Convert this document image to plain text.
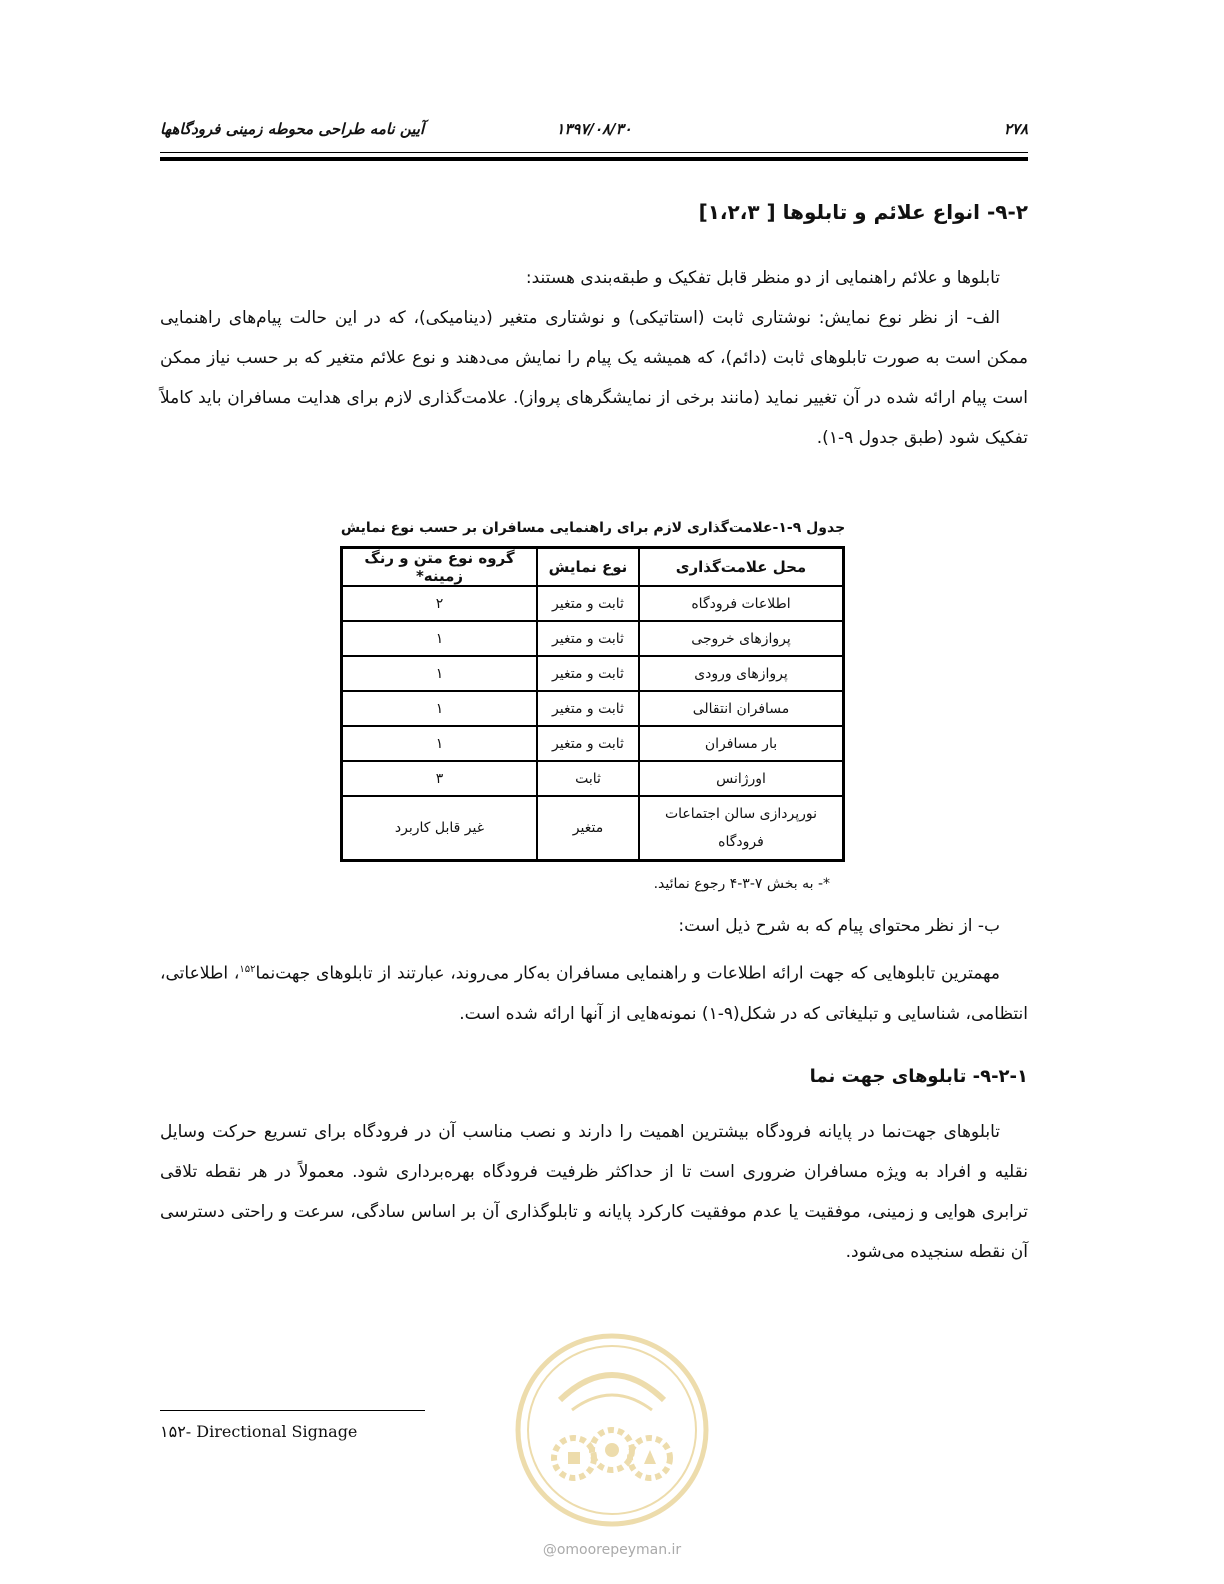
۲۷۸
۱۳۹۷/۰۸/۳۰
آیین نامه طراحی محوطه زمینی فرودگاهها
۹-۲- انواع علائم و تابلوها [ ۱،۲،۳]

تابلوها و علائم راهنمایی از دو منظر قابل تفکیک و طبقه‌بندی هستند:

الف- از نظر نوع نمایش: نوشتاری ثابت (استاتیکی) و نوشتاری متغیر (دینامیکی)، که در این حالت پیام‌های راهنمایی ممکن است به صورت تابلوهای ثابت (دائم)، که همیشه یک پیام را نمایش می‌دهند و نوع علائم متغیر که بر حسب نیاز ممکن است پیام ارائه شده در آن تغییر نماید (مانند برخی از نمایشگرهای پرواز). علامت‌گذاری لازم برای هدایت مسافران باید کاملاً تفکیک شود (طبق جدول ۹-۱).

جدول ۹-۱-علامت‌گذاری لازم برای راهنمایی مسافران بر حسب نوع نمایش
محل علامت‌گذاری	نوع نمایش	گروه نوع متن و رنگ زمینه*
اطلاعات فرودگاه	ثابت و متغیر	۲
پروازهای خروجی	ثابت و متغیر	۱
پروازهای ورودی	ثابت و متغیر	۱
مسافران انتقالی	ثابت و متغیر	۱
بار مسافران	ثابت و متغیر	۱
اورژانس	ثابت	۳
نورپردازی سالن اجتماعات فرودگاه	متغیر	غیر قابل کاربرد
*- به بخش ۷-۳-۴ رجوع نمائید.

ب- از نظر محتوای پیام که به شرح ذیل است:

مهمترین تابلوهایی که جهت ارائه اطلاعات و راهنمایی مسافران به‌کار می‌روند، عبارتند از تابلوهای جهت‌نما$^{۱۵۲}$، اطلاعاتی، انتظامی، شناسایی و تبلیغاتی که در شکل(۹-۱) نمونه‌هایی از آنها ارائه شده است.

۹-۲-۱- تابلوهای جهت نما

تابلوهای جهت‌نما در پایانه فرودگاه بیشترین اهمیت را دارند و نصب مناسب آن در فرودگاه برای تسریع حرکت وسایل نقلیه و افراد به ویژه مسافران ضروری است تا از حداکثر ظرفیت فرودگاه بهره‌برداری شود. معمولاً در هر نقطه تلاقی ترابری هوایی و زمینی، موفقیت یا عدم موفقیت کارکرد پایانه و تابلوگذاری آن بر اساس سادگی، سرعت و راحتی دسترسی آن نقطه سنجیده می‌شود.

@omoorepeyman.ir
۱۵۲- Directional Signage
